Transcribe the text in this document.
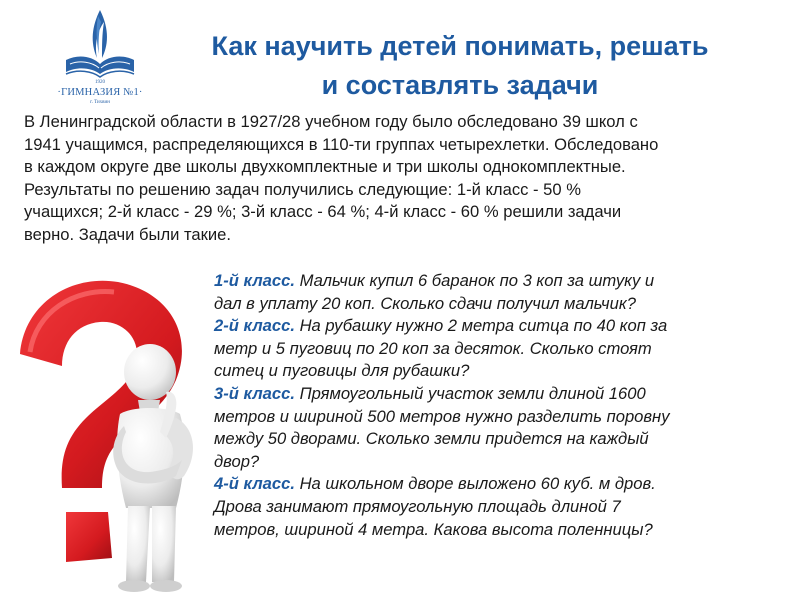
1920
·ГИМНАЗИЯ №1·
г. Тихвин
Как научить детей понимать, решать
и составлять задачи
В Ленинградской области в 1927/28 учебном году было обследовано 39 школ с
1941 учащимся, распределяющихся в 110-ти группах четырехлетки. Обследовано
в каждом округе две школы двухкомплектные и три школы однокомплектные.
Результаты по решению задач получились следующие: 1-й класс - 50 %
учащихся; 2-й класс - 29 %; 3-й класс - 64 %; 4-й класс - 60 % решили задачи
верно. Задачи были такие.
1-й класс. Мальчик купил 6 баранок по 3 коп за штуку и
дал в уплату 20 коп. Сколько сдачи получил мальчик?
2-й класс. На рубашку нужно 2 метра ситца по 40 коп за
метр и 5 пуговиц по 20 коп за десяток. Сколько стоят
ситец и пуговицы для рубашки?
3-й класс. Прямоугольный участок земли длиной 1600
метров и шириной 500 метров нужно разделить поровну
между 50 дворами. Сколько земли придется на каждый
двор?
4-й класс. На школьном дворе выложено 60 куб. м дров.
Дрова занимают прямоугольную площадь длиной 7
метров, шириной 4 метра. Какова высота поленницы?
